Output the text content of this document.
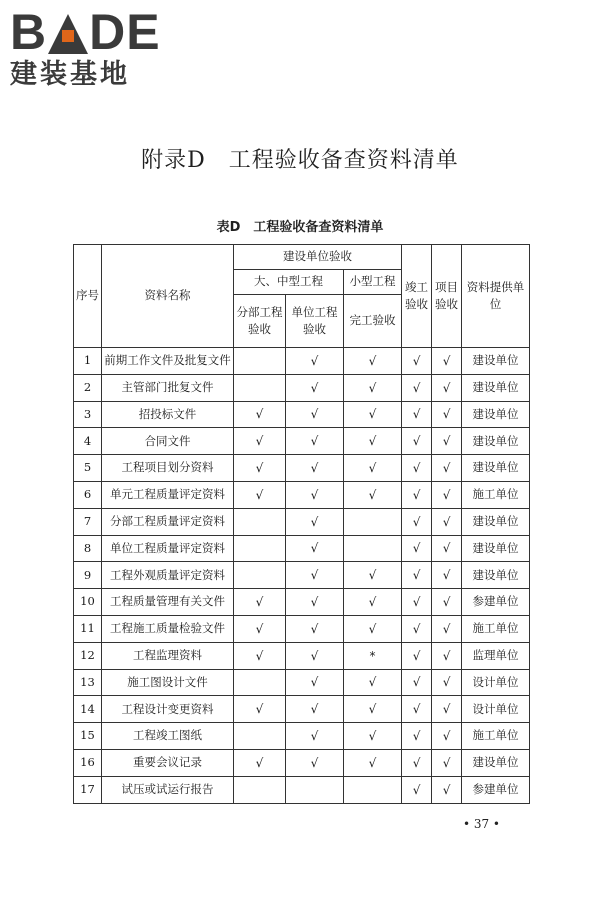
B DE
建装基地
附录D　工程验收备查资料清单
表D　工程验收备查资料清单
序号	资料名称	建设单位验收			竣工验收	项目验收	资料提供单位
		大、中型工程		小型工程			
		分部工程验收	单位工程验收	完工验收			
1	前期工作文件及批复文件		√	√	√	√	建设单位
2	主管部门批复文件		√	√	√	√	建设单位
3	招投标文件	√	√	√	√	√	建设单位
4	合同文件	√	√	√	√	√	建设单位
5	工程项目划分资料	√	√	√	√	√	建设单位
6	单元工程质量评定资料	√	√	√	√	√	施工单位
7	分部工程质量评定资料		√		√	√	建设单位
8	单位工程质量评定资料		√		√	√	建设单位
9	工程外观质量评定资料		√	√	√	√	建设单位
10	工程质量管理有关文件	√	√	√	√	√	参建单位
11	工程施工质量检验文件	√	√	√	√	√	施工单位
12	工程监理资料	√	√	*	√	√	监理单位
13	施工图设计文件		√	√	√	√	设计单位
14	工程设计变更资料	√	√	√	√	√	设计单位
15	工程竣工图纸		√	√	√	√	施工单位
16	重要会议记录	√	√	√	√	√	建设单位
17	试压或试运行报告				√	√	参建单位
• 37 •
